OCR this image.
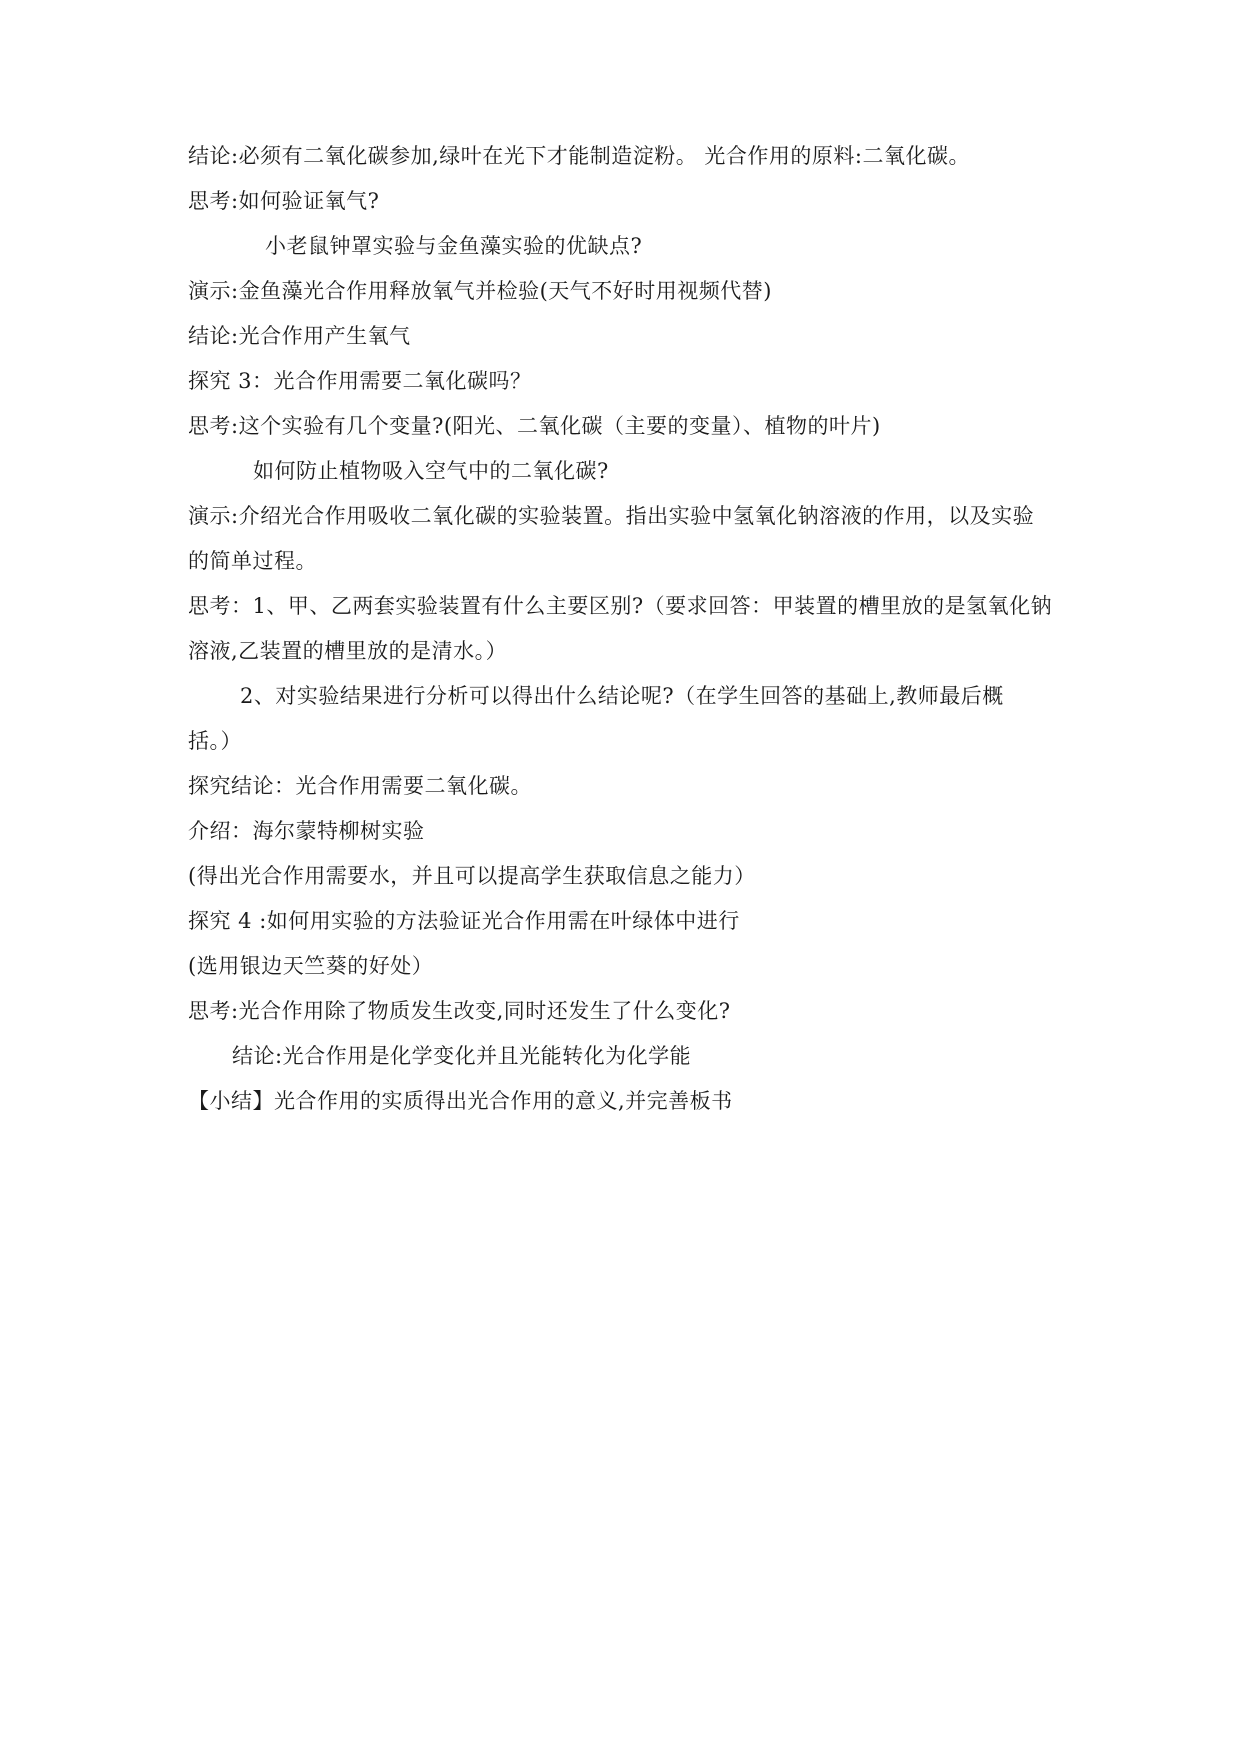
结论:必须有二氧化碳参加,绿叶在光下才能制造淀粉。 光合作用的原料:二氧化碳。
思考:如何验证氧气?
小老鼠钟罩实验与金鱼藻实验的优缺点?
演示:金鱼藻光合作用释放氧气并检验(天气不好时用视频代替)
结论:光合作用产生氧气
探究 3：光合作用需要二氧化碳吗？
思考:这个实验有几个变量?(阳光、二氧化碳（主要的变量）、植物的叶片)
如何防止植物吸入空气中的二氧化碳?
演示:介绍光合作用吸收二氧化碳的实验装置。指出实验中氢氧化钠溶液的作用，以及实验
的简单过程。
思考：1、甲、乙两套实验装置有什么主要区别?（要求回答：甲装置的槽里放的是氢氧化钠
溶液,乙装置的槽里放的是清水。）
2、对实验结果进行分析可以得出什么结论呢?（在学生回答的基础上,教师最后概
括。）
探究结论：光合作用需要二氧化碳。
介绍：海尔蒙特柳树实验
(得出光合作用需要水，并且可以提高学生获取信息之能力）
探究 4 :如何用实验的方法验证光合作用需在叶绿体中进行
(选用银边天竺葵的好处）
思考:光合作用除了物质发生改变,同时还发生了什么变化?
结论:光合作用是化学变化并且光能转化为化学能
【小结】光合作用的实质得出光合作用的意义,并完善板书
